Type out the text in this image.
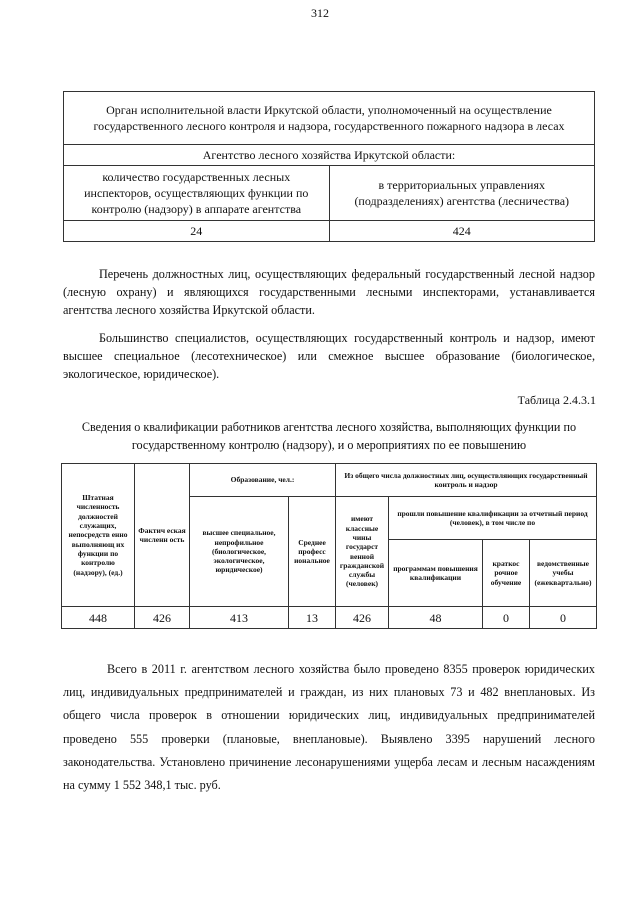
312
Орган исполнительной власти Иркутской области, уполномоченный на осуществление государственного лесного контроля и надзора, государственного пожарного надзора в лесах	
Агентство лесного хозяйства Иркутской области:	
количество государственных лесных инспекторов, осуществляющих функции по контролю (надзору) в аппарате агентства	в территориальных управлениях (подразделениях) агентства (лесничества)
24	424
Перечень должностных лиц, осуществляющих федеральный государственный лесной надзор (лесную охрану) и являющихся государственными лесными инспекторами, устанавливается агентства лесного хозяйства Иркутской области.
Большинство специалистов, осуществляющих государственный контроль и надзор, имеют высшее специальное (лесотехническое) или смежное высшее образование (биологическое, экологическое, юридическое).
Таблица 2.4.3.1
Сведения о квалификации работников агентства лесного хозяйства, выполняющих функции по государственному контролю (надзору), и о мероприятиях по ее повышению
Штатная численность должностей служащих, непосредств енно выполняющ их функции по контролю (надзору), (ед.)	Фактич еская численн ость	Образование, чел.:		Из общего числа должностных лиц, осуществляющих государственный контроль и надзор			
		высшее специальное, непрофильное (биологическое, экологическое, юридическое)	Среднее професс иональное	имеют классные чины государст венной гражданской службы (человек)	прошли повышение квалификации за отчетный период (человек), в том числе по		
					программам повышения квалификации	краткос рочное обучение	ведомственные учебы (ежеквартально)
448	426	413	13	426	48	0	0
Всего в 2011 г. агентством лесного хозяйства было проведено 8355 проверок юридических лиц, индивидуальных предпринимателей и граждан, из них плановых 73 и 482 внеплановых. Из общего числа проверок в отношении юридических лиц, индивидуальных предпринимателей проведено 555 проверки (плановые, внеплановые). Выявлено 3395 нарушений лесного законодательства. Установлено причинение лесонарушениями ущерба лесам и лесным насаждениям на сумму 1 552 348,1 тыс. руб.
